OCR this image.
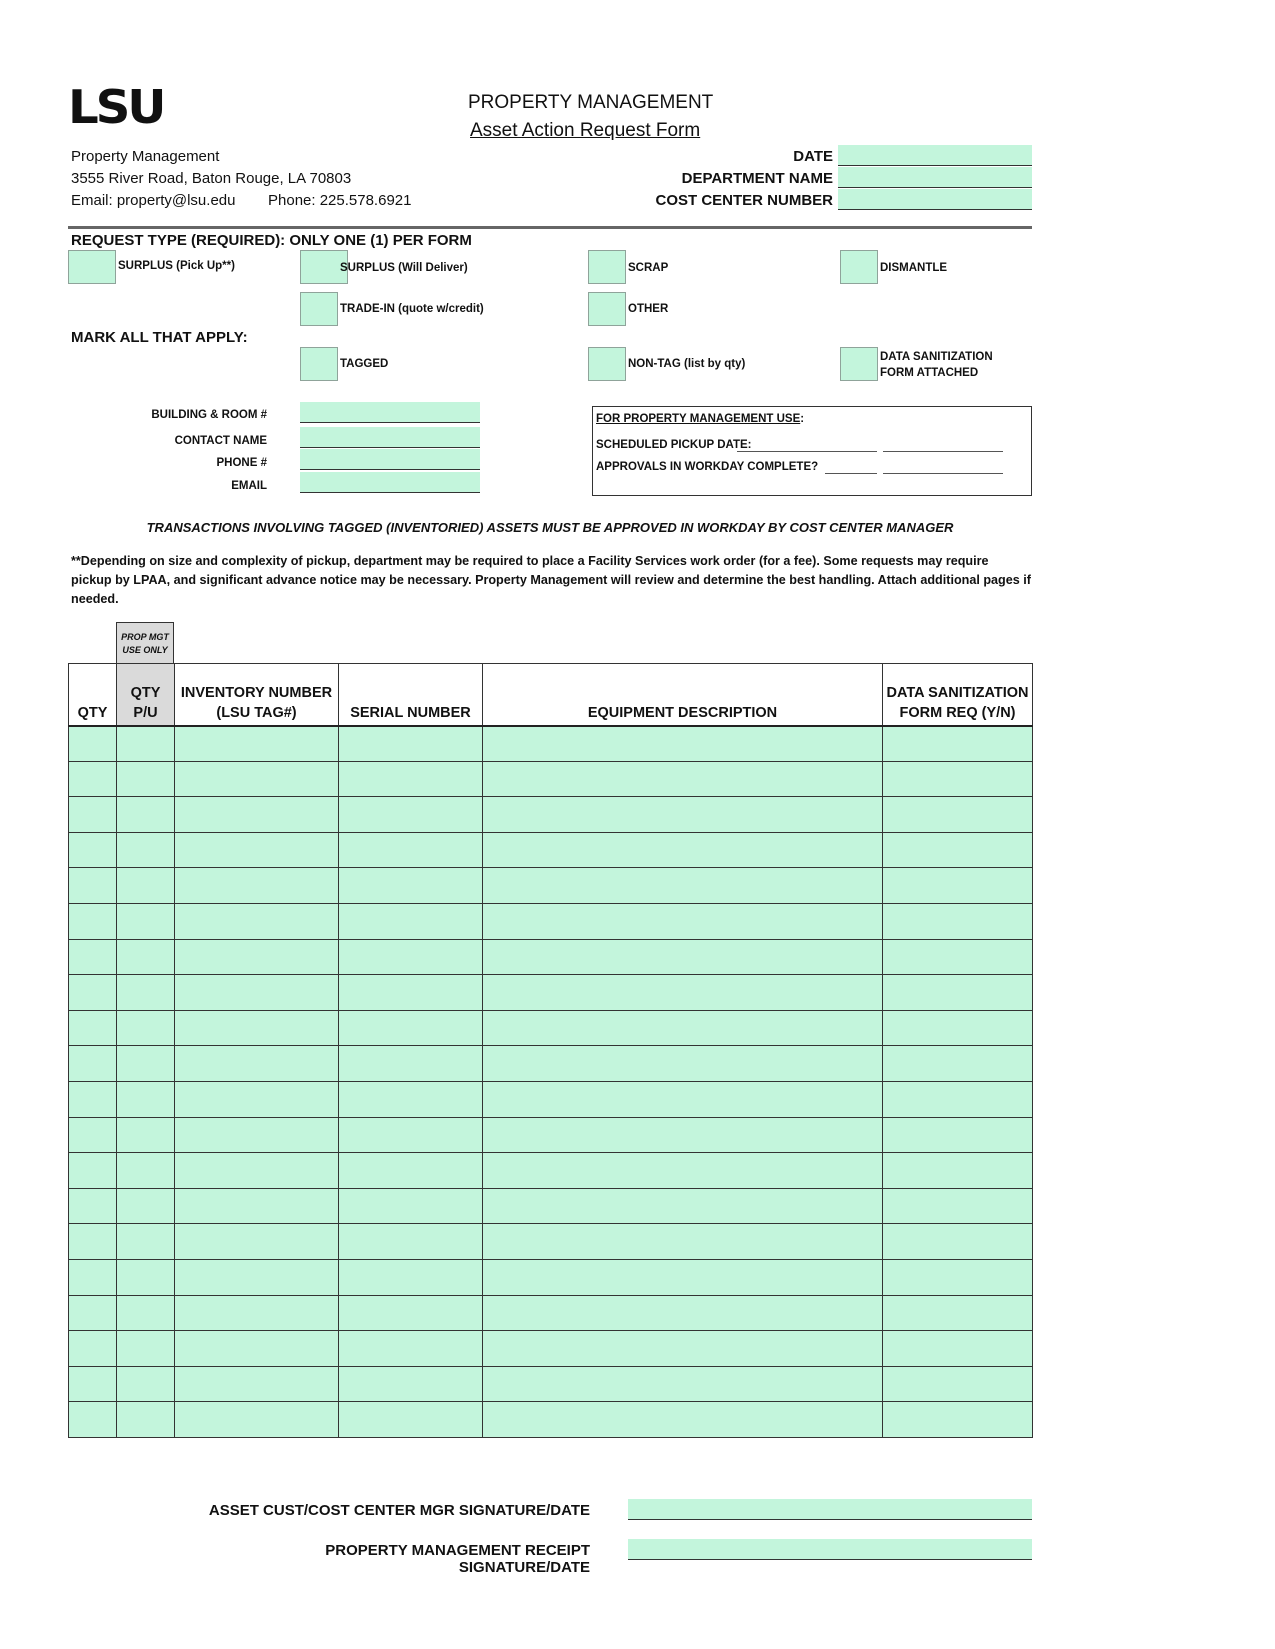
LSU	PROPERTY MANAGEMENT
Asset Action Request Form
Property Management
3555 River Road, Baton Rouge, LA 70803
Email: property@lsu.edu Phone: 225.578.6921
DATE
DEPARTMENT NAME
COST CENTER NUMBER
REQUEST TYPE (REQUIRED): ONLY ONE (1) PER FORM
SURPLUS (Pick Up**)	SURPLUS (Will Deliver)	SCRAP	DISMANTLE
TRADE-IN (quote w/credit)	OTHER
MARK ALL THAT APPLY:
TAGGED	NON-TAG (list by qty)
DATA SANITIZATION
FORM ATTACHED
BUILDING & ROOM #
CONTACT NAME
PHONE #
EMAIL
FOR PROPERTY MANAGEMENT USE:
SCHEDULED PICKUP DATE:
APPROVALS IN WORKDAY COMPLETE?
TRANSACTIONS INVOLVING TAGGED (INVENTORIED) ASSETS MUST BE APPROVED IN WORKDAY BY COST CENTER MANAGER
**Depending on size and complexity of pickup, department may be required to place a Facility Services work order (for a fee). Some requests may require pickup by LPAA, and significant advance notice may be necessary. Property Management will review and determine the best handling. Attach additional pages if needed.
PROP MGT USE ONLY
QTY	QTY P/U	INVENTORY NUMBER (LSU TAG#)	SERIAL NUMBER	EQUIPMENT DESCRIPTION	DATA SANITIZATION FORM REQ (Y/N)

ASSET CUST/COST CENTER MGR SIGNATURE/DATE
PROPERTY MANAGEMENT RECEIPT SIGNATURE/DATE
